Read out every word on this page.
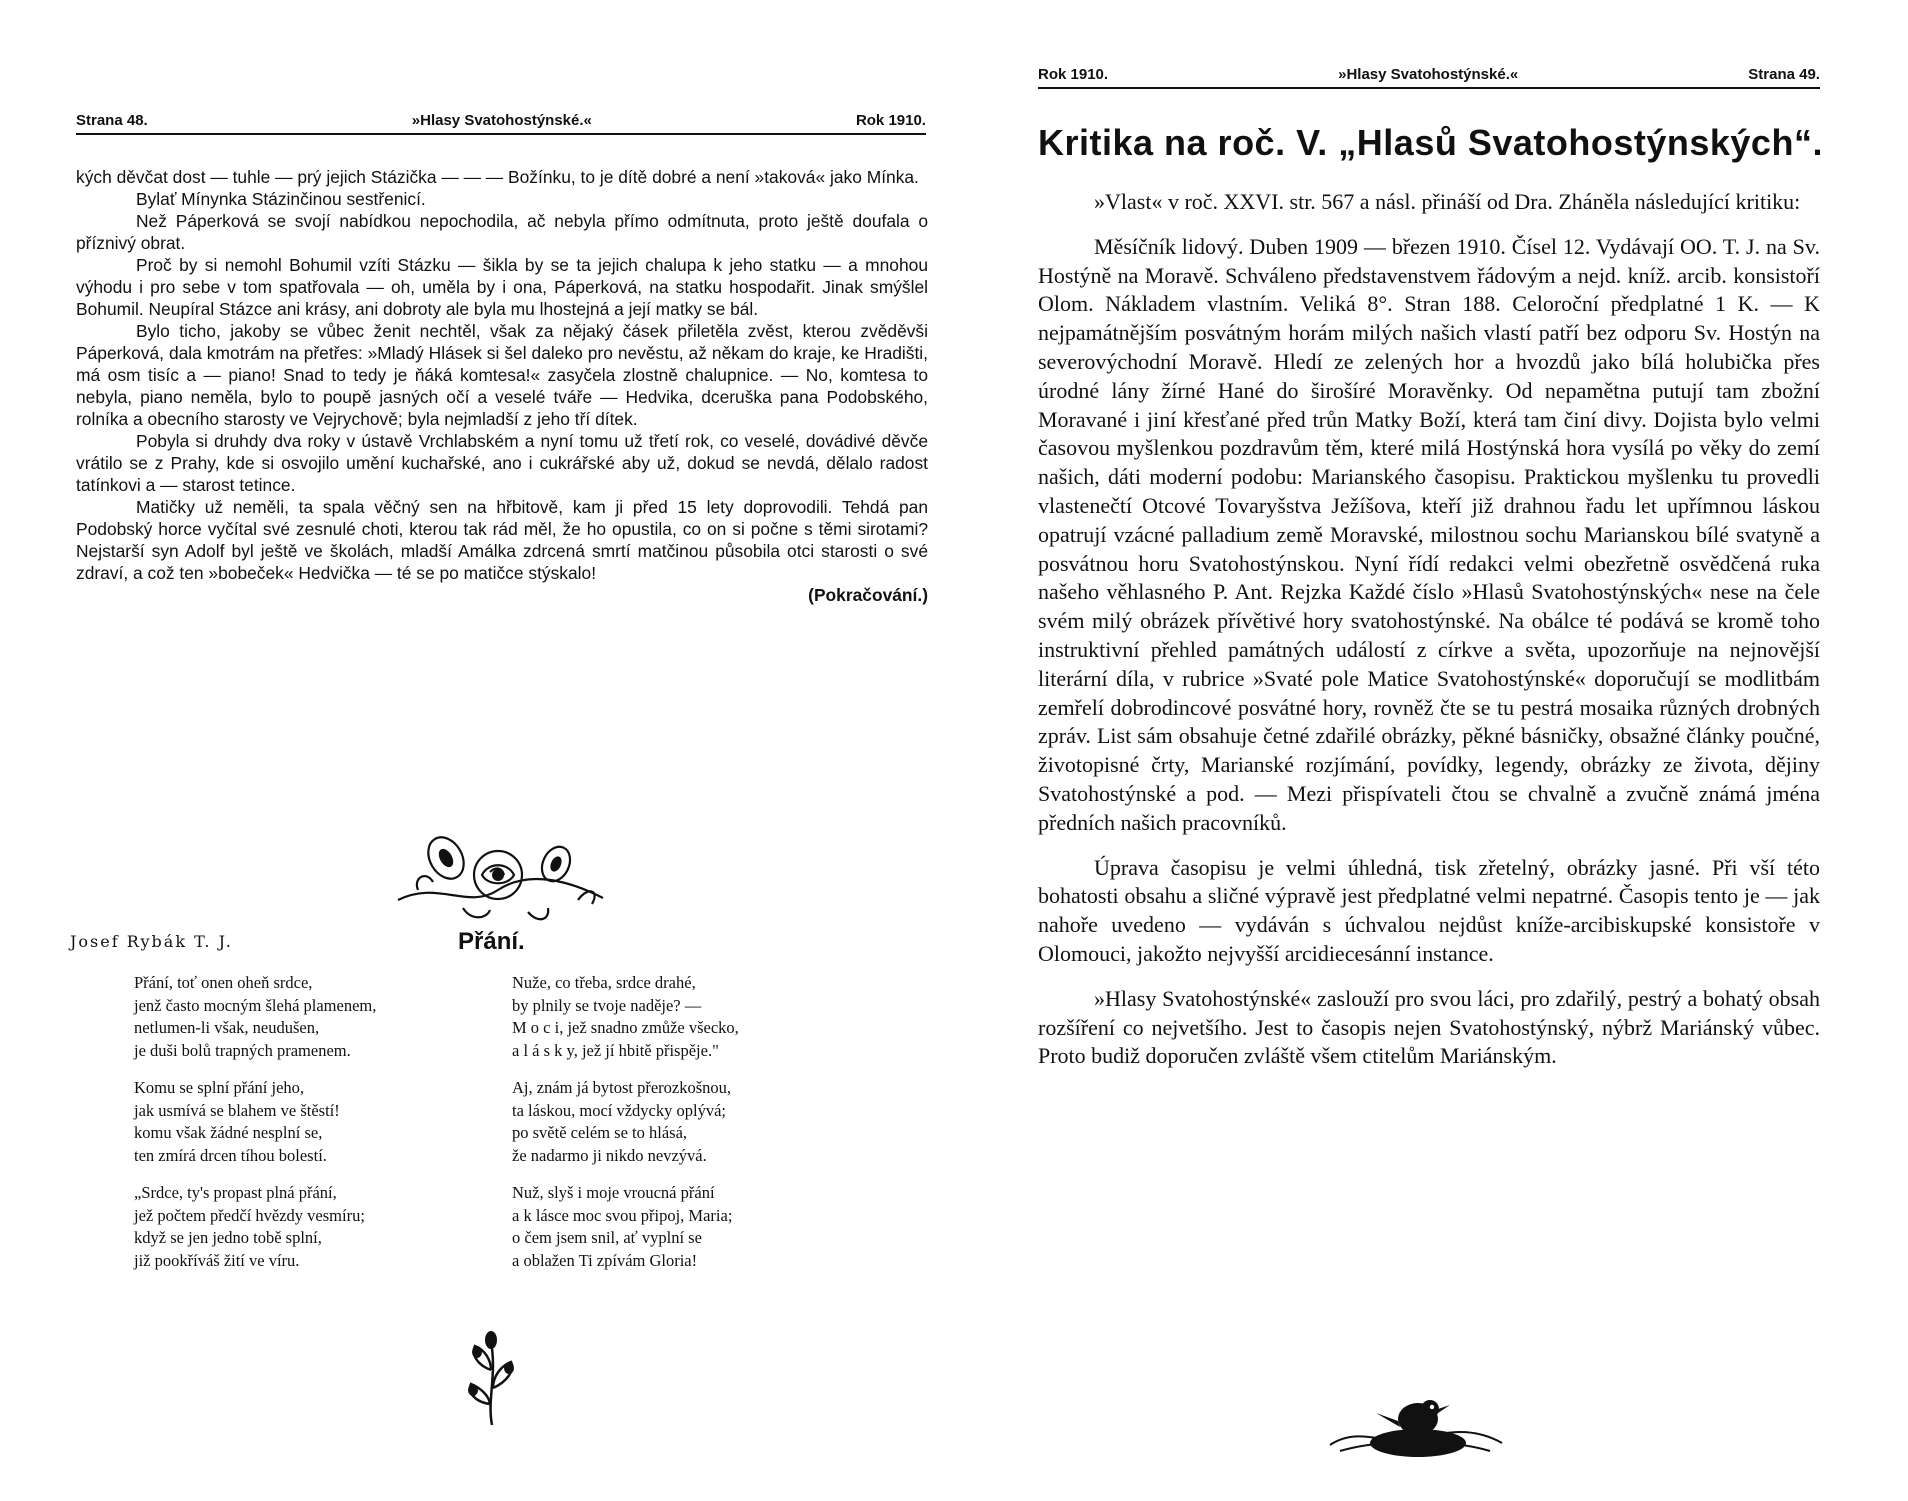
Strana 48.	»Hlasy Svatohostýnské.«	Rok 1910.

kých děvčat dost — tuhle — prý jejich Stázička — — — Božínku, to je dítě dobré a není »taková« jako Mínka.

Bylať Mínynka Stázinčinou sestřenicí.

Než Páperková se svojí nabídkou nepochodila, ač nebyla přímo odmítnuta, proto ještě doufala o příznivý obrat.

Proč by si nemohl Bohumil vzíti Stázku — šikla by se ta jejich chalupa k jeho statku — a mnohou výhodu i pro sebe v tom spatřovala — oh, uměla by i ona, Páperková, na statku hospodařit. Jinak smýšlel Bohumil. Neupíral Stázce ani krásy, ani dobroty ale byla mu lhostejná a její matky se bál.

Bylo ticho, jakoby se vůbec ženit nechtěl, však za nějaký čásek přiletěla zvěst, kterou zvěděvši Páperková, dala kmotrám na přetřes: »Mladý Hlásek si šel daleko pro nevěstu, až někam do kraje, ke Hradišti, má osm tisíc a — piano! Snad to tedy je ňáká komtesa!« zasyčela zlostně chalupnice. — No, komtesa to nebyla, piano neměla, bylo to poupě jasných očí a veselé tváře — Hedvika, dceruška pana Podobského, rolníka a obecního starosty ve Vejrychově; byla nejmladší z jeho tří dítek.

Pobyla si druhdy dva roky v ústavě Vrchlabském a nyní tomu už třetí rok, co veselé, dovádivé děvče vrátilo se z Prahy, kde si osvojilo umění kuchařské, ano i cukrářské aby už, dokud se nevdá, dělalo radost tatínkovi a — starost tetince.

Matičky už neměli, ta spala věčný sen na hřbitově, kam ji před 15 lety doprovodili. Tehdá pan Podobský horce vyčítal své zesnulé choti, kterou tak rád měl, že ho opustila, co on si počne s těmi sirotami? Nejstarší syn Adolf byl ještě ve školách, mladší Amálka zdrcená smrtí matčinou působila otci starosti o své zdraví, a což ten »bobeček« Hedvička — té se po matičce stýskalo!

(Pokračování.)
Josef Rybák T. J.	Přání.
Přání, toť onen oheň srdce,
jenž často mocným šlehá plamenem,
netlumen-li však, neudušen,
je duši bolů trapných pramenem.
Komu se splní přání jeho,
jak usmívá se blahem ve štěstí!
komu však žádné nesplní se,
ten zmírá drcen tíhou bolestí.
„Srdce, ty's propast plná přání,
jež počtem předčí hvězdy vesmíru;
když se jen jedno tobě splní,
již pookříváš žití ve víru.
Nuže, co třeba, srdce drahé,
by plnily se tvoje naděje? —
M o c i, jež snadno zmůže všecko,
a l á s k y, jež jí hbitě přispěje."
Aj, znám já bytost přerozkošnou,
ta láskou, mocí vždycky oplývá;
po světě celém se to hlásá,
že nadarmo ji nikdo nevzývá.
Nuž, slyš i moje vroucná přání
a k lásce moc svou připoj, Maria;
o čem jsem snil, ať vyplní se
a oblažen Ti zpívám Gloria!
Rok 1910.	»Hlasy Svatohostýnské.«	Strana 49.
Kritika na roč. V. „Hlasů Svatohostýnských“.

»Vlast« v roč. XXVI. str. 567 a násl. přináší od Dra. Zháněla následující kritiku:

Měsíčník lidový. Duben 1909 — březen 1910. Čísel 12. Vydávají OO. T. J. na Sv. Hostýně na Moravě. Schváleno představenstvem řádovým a nejd. kníž. arcib. konsistoří Olom. Nákladem vlastním. Veliká 8°. Stran 188. Celoroční předplatné 1 K. — K nejpamátnějším posvátným horám milých našich vlastí patří bez odporu Sv. Hostýn na severovýchodní Moravě. Hledí ze zelených hor a hvozdů jako bílá holubička přes úrodné lány žírné Hané do širošíré Moravěnky. Od nepamětna putují tam zbožní Moravané i jiní křesťané před trůn Matky Boží, která tam činí divy. Dojista bylo velmi časovou myšlenkou pozdravům těm, které milá Hostýnská hora vysílá po věky do zemí našich, dáti moderní podobu: Marianského časopisu. Praktickou myšlenku tu provedli vlastenečtí Otcové Tovaryšstva Ježíšova, kteří již drahnou řadu let upřímnou láskou opatrují vzácné palladium země Moravské, milostnou sochu Marianskou bílé svatyně a posvátnou horu Svatohostýnskou. Nyní řídí redakci velmi obezřetně osvědčená ruka našeho věhlasného P. Ant. Rejzka Každé číslo »Hlasů Svatohostýnských« nese na čele svém milý obrázek přívětivé hory svatohostýnské. Na obálce té podává se kromě toho instruktivní přehled památných událostí z církve a světa, upozorňuje na nejnovější literární díla, v rubrice »Svaté pole Matice Svatohostýnské« doporučují se modlitbám zemřelí dobrodincové posvátné hory, rovněž čte se tu pestrá mosaika různých drobných zpráv. List sám obsahuje četné zdařilé obrázky, pěkné básničky, obsažné články poučné, životopisné črty, Marianské rozjímání, povídky, legendy, obrázky ze života, dějiny Svatohostýnské a pod. — Mezi přispívateli čtou se chvalně a zvučně známá jména předních našich pracovníků.

Úprava časopisu je velmi úhledná, tisk zřetelný, obrázky jasné. Při vší této bohatosti obsahu a sličné výpravě jest předplatné velmi nepatrné. Časopis tento je — jak nahoře uvedeno — vydáván s úchvalou nejdůst kníže-arcibiskupské konsistoře v Olomouci, jakožto nejvyšší arcidiecesánní instance.

»Hlasy Svatohostýnské« zaslouží pro svou láci, pro zdařilý, pestrý a bohatý obsah rozšíření co nejvetšího. Jest to časopis nejen Svatohostýnský, nýbrž Mariánský vůbec. Proto budiž doporučen zvláště všem ctitelům Mariánským.
